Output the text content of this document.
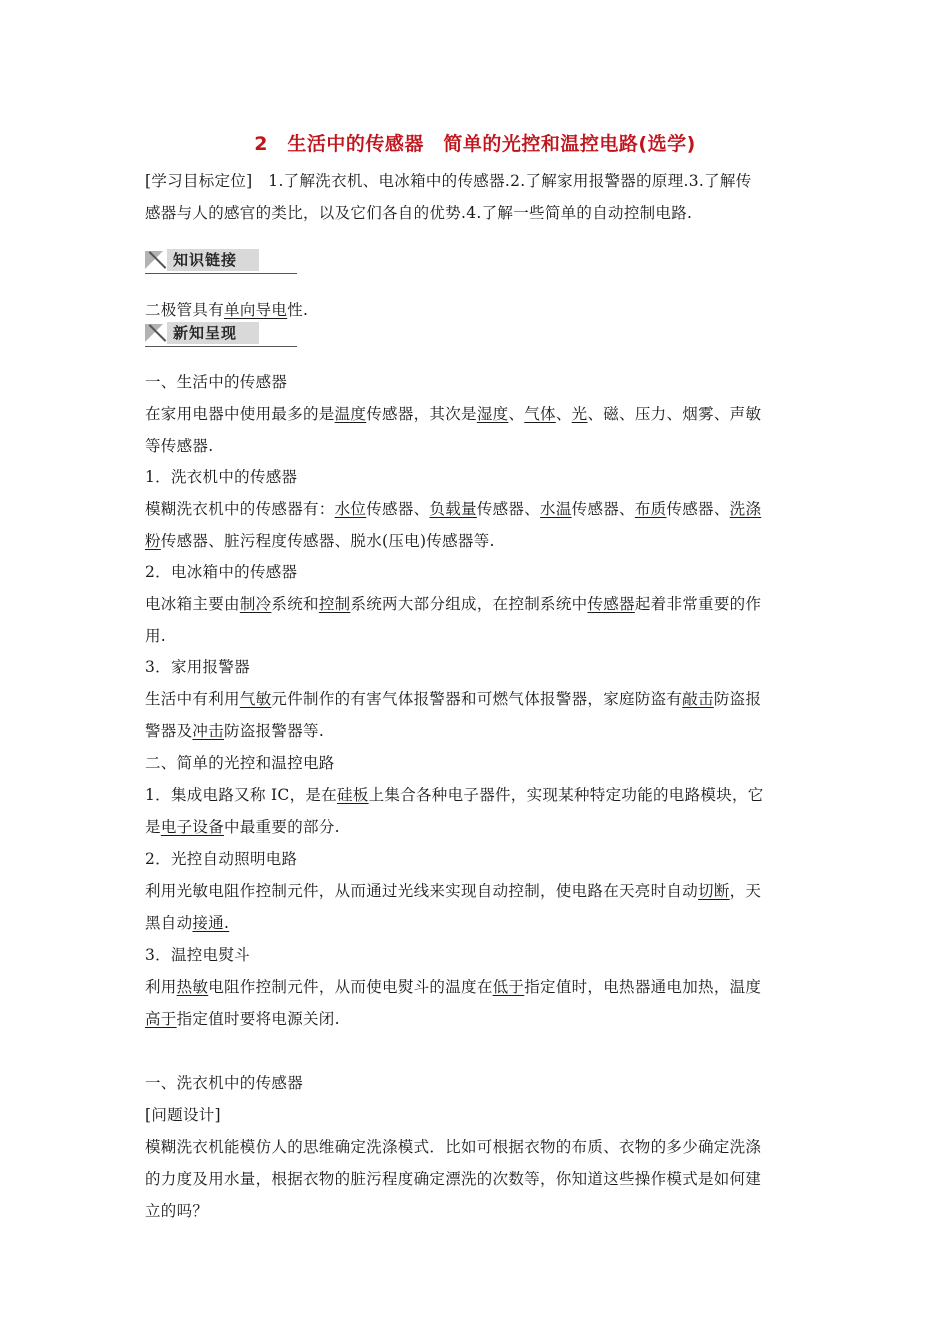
2　生活中的传感器　简单的光控和温控电路(选学)
[学习目标定位]　1.了解洗衣机、电冰箱中的传感器.2.了解家用报警器的原理.3.了解传
感器与人的感官的类比，以及它们各自的优势.4.了解一些简单的自动控制电路.
知识链接
二极管具有单向导电性.
新知呈现
一、生活中的传感器
在家用电器中使用最多的是温度传感器，其次是湿度、气体、光、磁、压力、烟雾、声敏
等传感器.
1．洗衣机中的传感器
模糊洗衣机中的传感器有：水位传感器、负载量传感器、水温传感器、布质传感器、洗涤
粉传感器、脏污程度传感器、脱水(压电)传感器等.
2．电冰箱中的传感器
电冰箱主要由制冷系统和控制系统两大部分组成，在控制系统中传感器起着非常重要的作
用.
3．家用报警器
生活中有利用气敏元件制作的有害气体报警器和可燃气体报警器，家庭防盗有敲击防盗报
警器及冲击防盗报警器等.
二、简单的光控和温控电路
1．集成电路又称 IC，是在硅板上集合各种电子器件，实现某种特定功能的电路模块，它
是电子设备中最重要的部分.
2．光控自动照明电路
利用光敏电阻作控制元件，从而通过光线来实现自动控制，使电路在天亮时自动切断，天
黑自动接通.
3．温控电熨斗
利用热敏电阻作控制元件，从而使电熨斗的温度在低于指定值时，电热器通电加热，温度
高于指定值时要将电源关闭.
一、洗衣机中的传感器
[问题设计]
模糊洗衣机能模仿人的思维确定洗涤模式．比如可根据衣物的布质、衣物的多少确定洗涤
的力度及用水量，根据衣物的脏污程度确定漂洗的次数等，你知道这些操作模式是如何建
立的吗？
